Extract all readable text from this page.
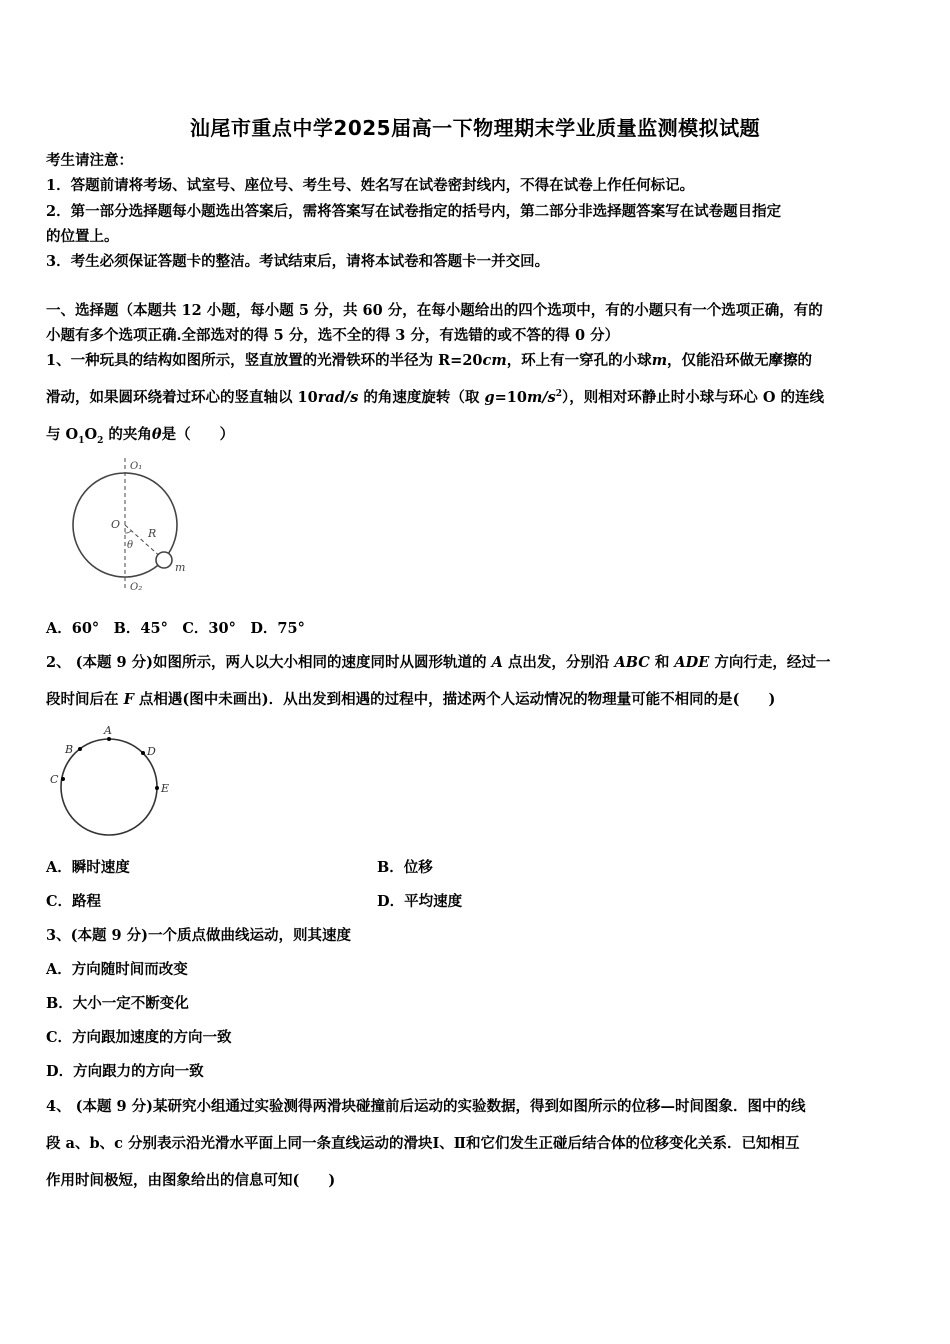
汕尾市重点中学2025届高一下物理期末学业质量监测模拟试题
考生请注意：
1．答题前请将考场、试室号、座位号、考生号、姓名写在试卷密封线内，不得在试卷上作任何标记。
2．第一部分选择题每小题选出答案后，需将答案写在试卷指定的括号内，第二部分非选择题答案写在试卷题目指定
的位置上。
3．考生必须保证答题卡的整洁。考试结束后，请将本试卷和答题卡一并交回。
一、选择题（本题共 12 小题，每小题 5 分，共 60 分，在每小题给出的四个选项中，有的小题只有一个选项正确，有的
小题有多个选项正确.全部选对的得 5 分，选不全的得 3 分，有选错的或不答的得 0 分）
1、一种玩具的结构如图所示，竖直放置的光滑铁环的半径为 R=20cm，环上有一穿孔的小球m，仅能沿环做无摩擦的
滑动，如果圆环绕着过环心的竖直轴以 10rad/s 的角速度旋转（取 $g=10m/s^2$），则相对环静止时小球与环心 O 的连线
与 $O_1O_2$ 的夹角θ是（　　）
O₁
O₂
O
R
θ
m
A．60°　B．45°　C．30°　D．75°
2、 (本题 9 分)如图所示，两人以大小相同的速度同时从圆形轨道的 A 点出发，分别沿 ABC 和 ADE 方向行走，经过一
段时间后在 F 点相遇(图中未画出)．从出发到相遇的过程中，描述两个人运动情况的物理量可能不相同的是(　　)
A
B
C
D
E
A．瞬时速度	B．位移
C．路程	D．平均速度
3、(本题 9 分)一个质点做曲线运动，则其速度
A．方向随时间而改变
B．大小一定不断变化
C．方向跟加速度的方向一致
D．方向跟力的方向一致
4、 (本题 9 分)某研究小组通过实验测得两滑块碰撞前后运动的实验数据，得到如图所示的位移—时间图象．图中的线
段 a、b、c 分别表示沿光滑水平面上同一条直线运动的滑块Ⅰ、Ⅱ和它们发生正碰后结合体的位移变化关系．已知相互
作用时间极短，由图象给出的信息可知(　　)
